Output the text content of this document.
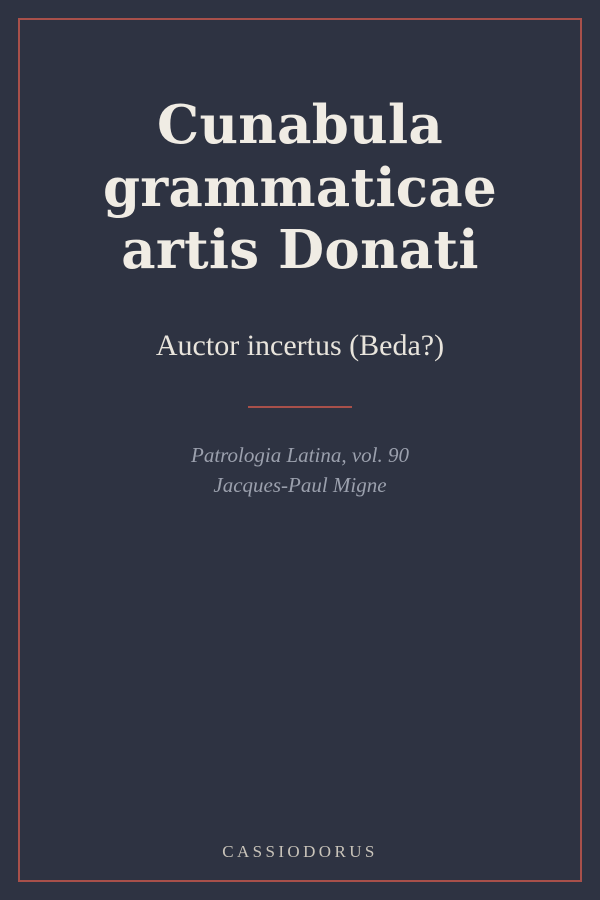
Cunabula grammaticae artis Donati
Auctor incertus (Beda?)
Patrologia Latina, vol. 90
Jacques-Paul Migne
CASSIODORUS
